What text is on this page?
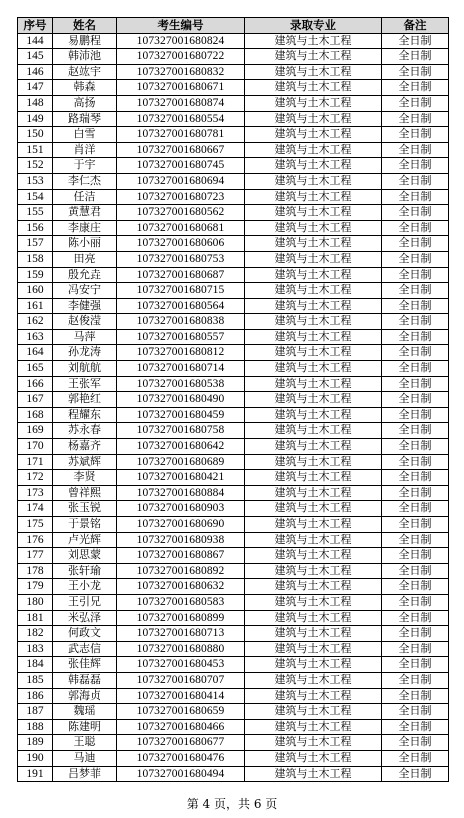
序号	姓名	考生编号	录取专业	备注
144	易鹏程	107327001680824	建筑与土木工程	全日制
145	韩沛池	107327001680722	建筑与土木工程	全日制
146	赵竑宇	107327001680832	建筑与土木工程	全日制
147	韩森	107327001680671	建筑与土木工程	全日制
148	高扬	107327001680874	建筑与土木工程	全日制
149	路瑞琴	107327001680554	建筑与土木工程	全日制
150	白雪	107327001680781	建筑与土木工程	全日制
151	肖洋	107327001680667	建筑与土木工程	全日制
152	于宇	107327001680745	建筑与土木工程	全日制
153	李仁杰	107327001680694	建筑与土木工程	全日制
154	任洁	107327001680723	建筑与土木工程	全日制
155	黄慧君	107327001680562	建筑与土木工程	全日制
156	李康庄	107327001680681	建筑与土木工程	全日制
157	陈小丽	107327001680606	建筑与土木工程	全日制
158	田亮	107327001680753	建筑与土木工程	全日制
159	殷允垚	107327001680687	建筑与土木工程	全日制
160	冯安宁	107327001680715	建筑与土木工程	全日制
161	李健强	107327001680564	建筑与土木工程	全日制
162	赵俊滢	107327001680838	建筑与土木工程	全日制
163	马萍	107327001680557	建筑与土木工程	全日制
164	孙龙涛	107327001680812	建筑与土木工程	全日制
165	刘航航	107327001680714	建筑与土木工程	全日制
166	王张军	107327001680538	建筑与土木工程	全日制
167	郭艳红	107327001680490	建筑与土木工程	全日制
168	程耀东	107327001680459	建筑与土木工程	全日制
169	苏永春	107327001680758	建筑与土木工程	全日制
170	杨嘉齐	107327001680642	建筑与土木工程	全日制
171	苏斌辉	107327001680689	建筑与土木工程	全日制
172	李贤	107327001680421	建筑与土木工程	全日制
173	曾祥熙	107327001680884	建筑与土木工程	全日制
174	张玉锐	107327001680903	建筑与土木工程	全日制
175	于景铭	107327001680690	建筑与土木工程	全日制
176	卢光辉	107327001680938	建筑与土木工程	全日制
177	刘思蒙	107327001680867	建筑与土木工程	全日制
178	张轩瑜	107327001680892	建筑与土木工程	全日制
179	王小龙	107327001680632	建筑与土木工程	全日制
180	王引兄	107327001680583	建筑与土木工程	全日制
181	米弘泽	107327001680899	建筑与土木工程	全日制
182	何政文	107327001680713	建筑与土木工程	全日制
183	武志信	107327001680880	建筑与土木工程	全日制
184	张佳辉	107327001680453	建筑与土木工程	全日制
185	韩磊磊	107327001680707	建筑与土木工程	全日制
186	郭海贞	107327001680414	建筑与土木工程	全日制
187	魏瑶	107327001680659	建筑与土木工程	全日制
188	陈建明	107327001680466	建筑与土木工程	全日制
189	王聪	107327001680677	建筑与土木工程	全日制
190	马迪	107327001680476	建筑与土木工程	全日制
191	吕梦菲	107327001680494	建筑与土木工程	全日制
第 4 页，共 6 页
